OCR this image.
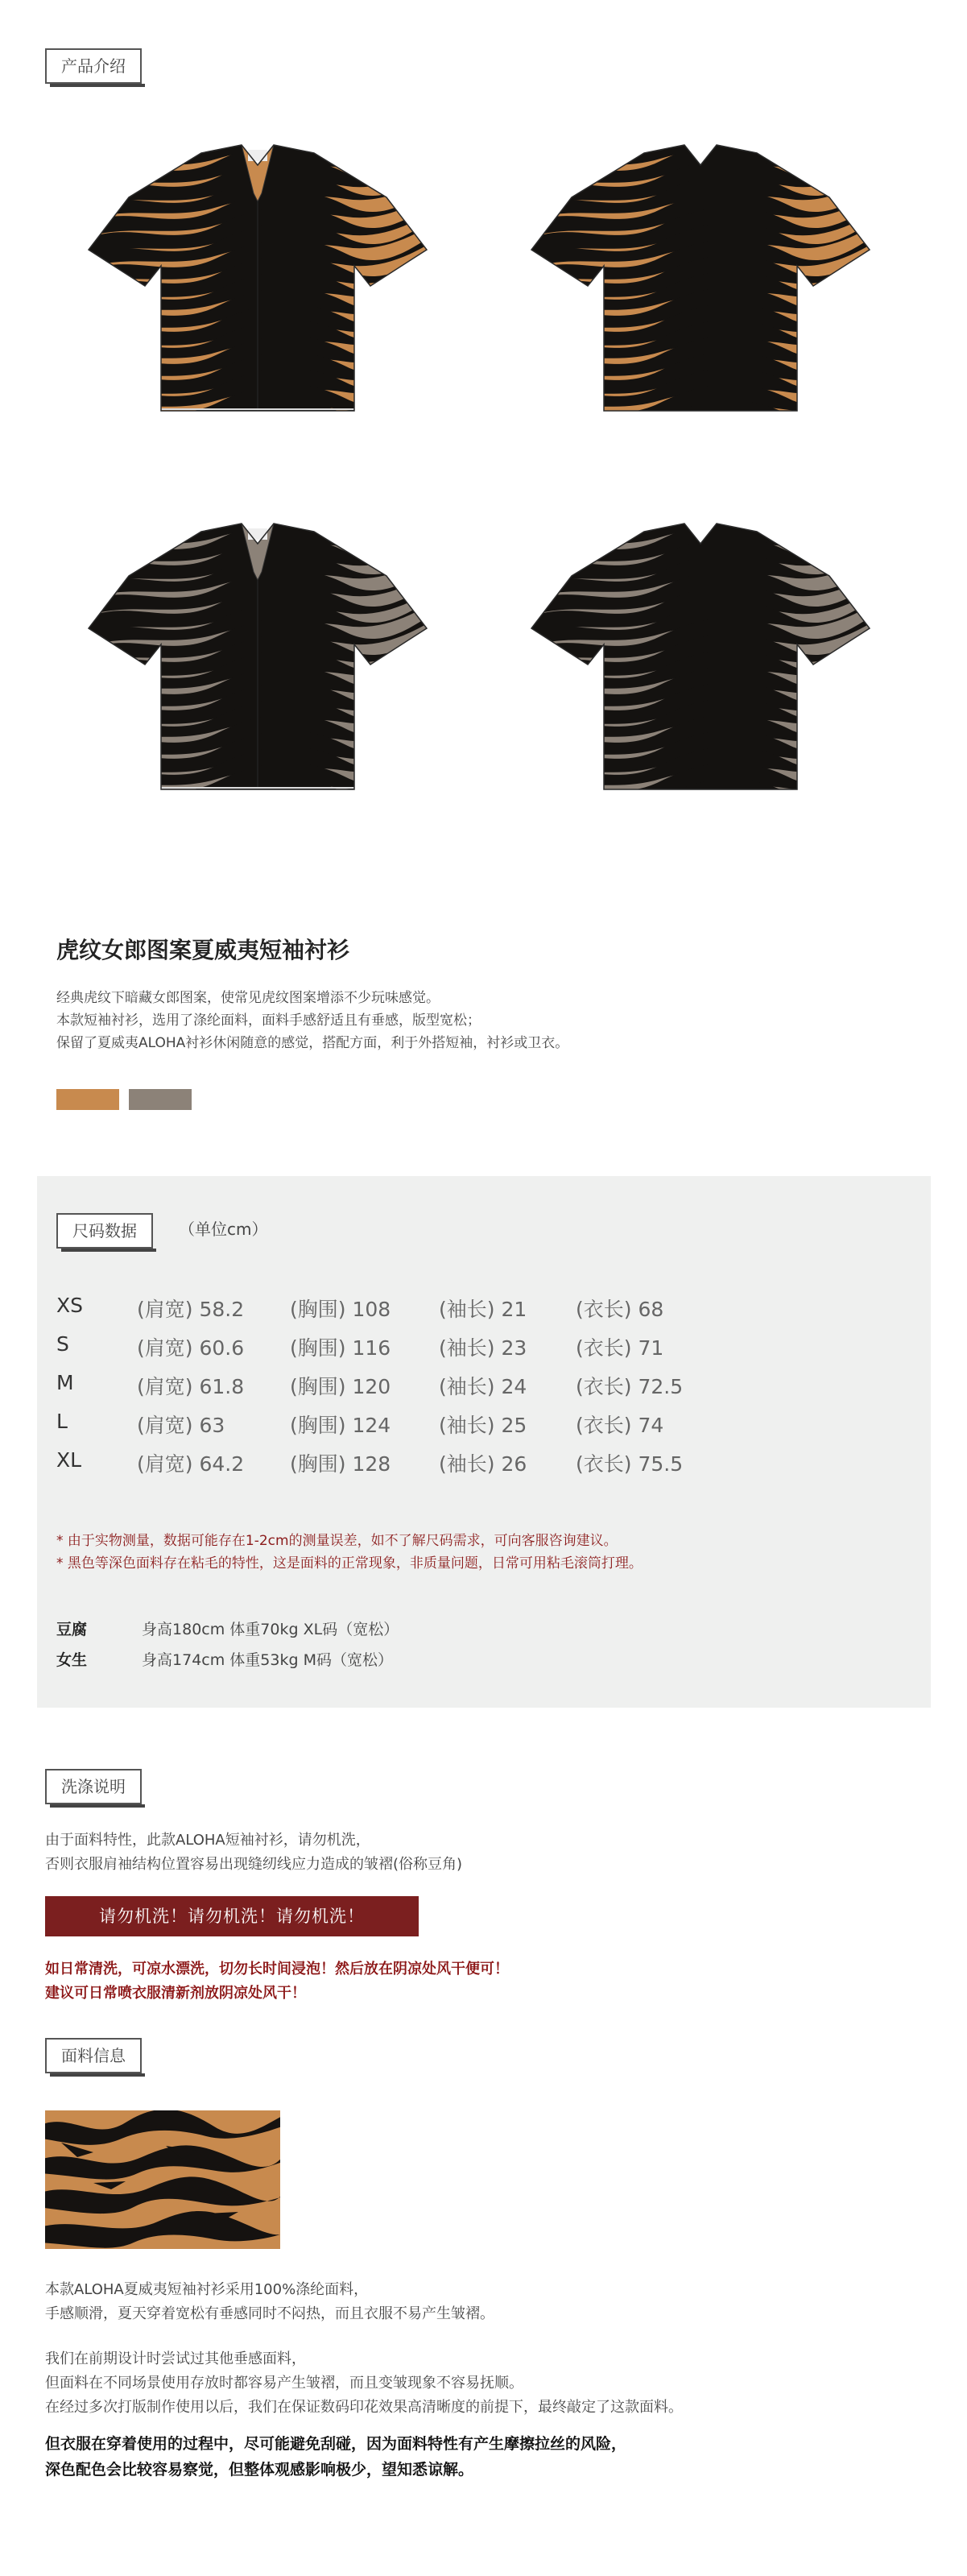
产品介绍
虎纹女郎图案夏威夷短袖衬衫
经典虎纹下暗藏女郎图案，使常见虎纹图案增添不少玩味感觉。
本款短袖衬衫，选用了涤纶面料，面料手感舒适且有垂感，版型宽松；
保留了夏威夷ALOHA衬衫休闲随意的感觉，搭配方面，利于外搭短袖，衬衫或卫衣。
尺码数据	（单位cm）
XS	(肩宽) 58.2 (胸围) 108 (袖长) 21 (衣长) 68
S	(肩宽) 60.6 (胸围) 116 (袖长) 23 (衣长) 71
M	(肩宽) 61.8 (胸围) 120 (袖长) 24 (衣长) 72.5
L	(肩宽) 63	(胸围) 124 (袖长) 25 (衣长) 74
XL	(肩宽) 64.2 (胸围) 128 (袖长) 26 (衣长) 75.5
* 由于实物测量，数据可能存在1-2cm的测量误差，如不了解尺码需求，可向客服咨询建议。
* 黑色等深色面料存在粘毛的特性，这是面料的正常现象，非质量问题，日常可用粘毛滚筒打理。
豆腐	身高180cm 体重70kg XL码（宽松）
女生	身高174cm 体重53kg M码（宽松）
洗涤说明
由于面料特性，此款ALOHA短袖衬衫，请勿机洗，
否则衣服肩袖结构位置容易出现缝纫线应力造成的皱褶(俗称豆角)
请勿机洗！请勿机洗！请勿机洗！
如日常清洗，可凉水漂洗，切勿长时间浸泡！然后放在阴凉处风干便可！
建议可日常喷衣服清新剂放阴凉处风干！
面料信息
本款ALOHA夏威夷短袖衬衫采用100%涤纶面料，
手感顺滑，夏天穿着宽松有垂感同时不闷热，而且衣服不易产生皱褶。
我们在前期设计时尝试过其他垂感面料，
但面料在不同场景使用存放时都容易产生皱褶，而且变皱现象不容易抚顺。
在经过多次打版制作使用以后，我们在保证数码印花效果高清晰度的前提下，最终敲定了这款面料。
但衣服在穿着使用的过程中，尽可能避免刮碰，因为面料特性有产生摩擦拉丝的风险，
深色配色会比较容易察觉，但整体观感影响极少，望知悉谅解。
